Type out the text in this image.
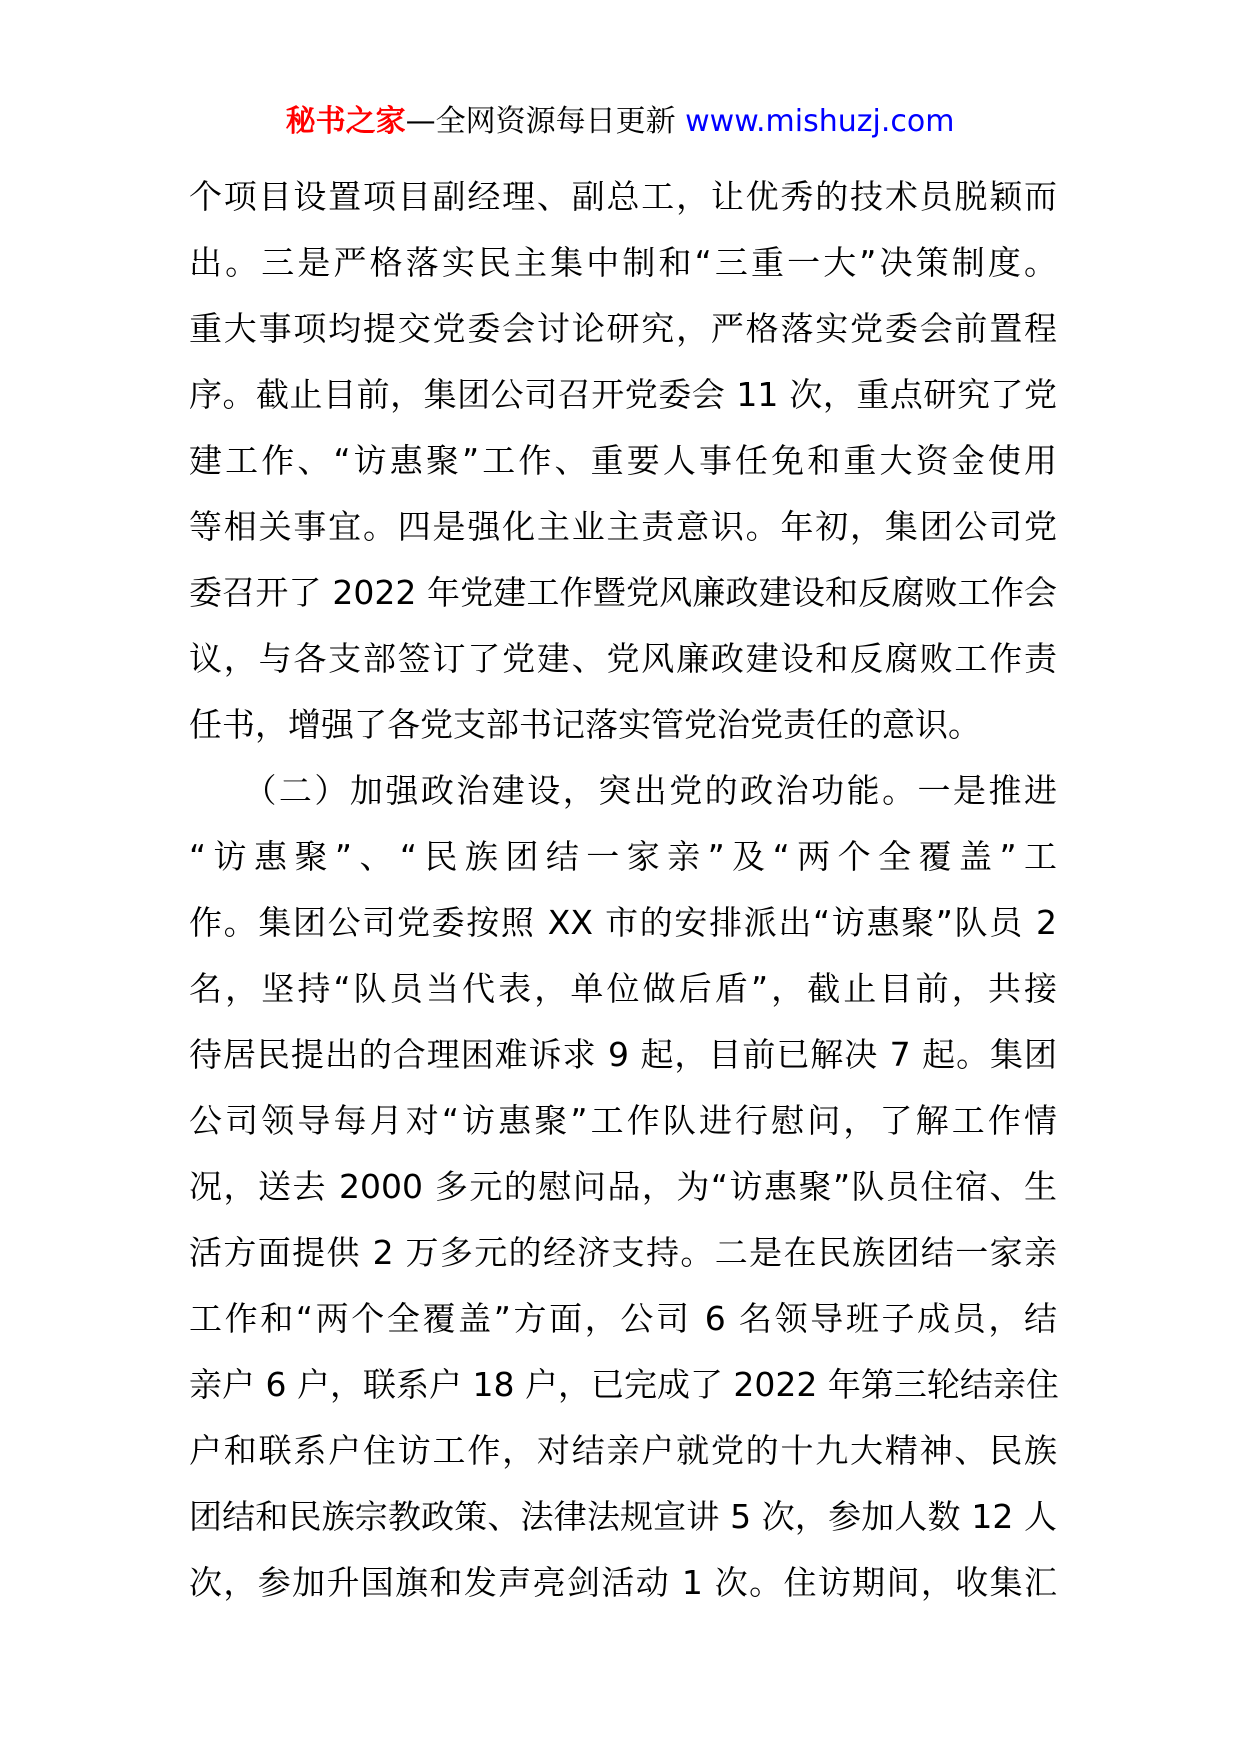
秘书之家—全网资源每日更新 www.mishuzj.com
个项目设置项目副经理、副总工，让优秀的技术员脱颖而
出。三是严格落实民主集中制和“三重一大”决策制度。
重大事项均提交党委会讨论研究，严格落实党委会前置程
序。截止目前，集团公司召开党委会 11 次，重点研究了党
建工作、“访惠聚”工作、重要人事任免和重大资金使用
等相关事宜。四是强化主业主责意识。年初，集团公司党
委召开了 2022 年党建工作暨党风廉政建设和反腐败工作会
议，与各支部签订了党建、党风廉政建设和反腐败工作责
任书，增强了各党支部书记落实管党治党责任的意识。
　　（二）加强政治建设，突出党的政治功能。一是推进
“访惠聚”、“民族团结一家亲”及“两个全覆盖”工
作。集团公司党委按照 XX 市的安排派出“访惠聚”队员 2
名，坚持“队员当代表，单位做后盾”，截止目前，共接
待居民提出的合理困难诉求 9 起，目前已解决 7 起。集团
公司领导每月对“访惠聚”工作队进行慰问，了解工作情
况，送去 2000 多元的慰问品，为“访惠聚”队员住宿、生
活方面提供 2 万多元的经济支持。二是在民族团结一家亲
工作和“两个全覆盖”方面，公司 6 名领导班子成员，结
亲户 6 户，联系户 18 户，已完成了 2022 年第三轮结亲住
户和联系户住访工作，对结亲户就党的十九大精神、民族
团结和民族宗教政策、法律法规宣讲 5 次，参加人数 12 人
次，参加升国旗和发声亮剑活动 1 次。住访期间，收集汇
